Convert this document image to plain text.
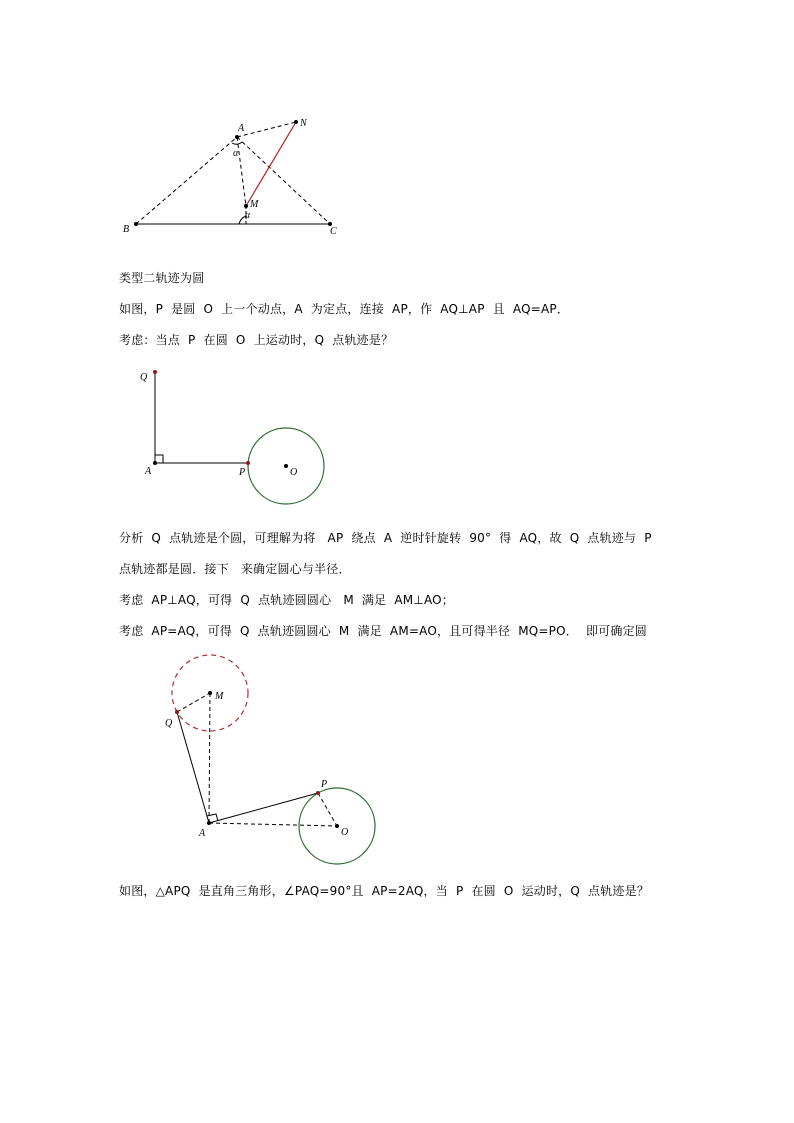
A	N
α
M
α
B	C
类型二轨迹为圆
如图，P  是圆  O  上一个动点，A  为定点，连接  AP，作  AQ⊥AP  且  AQ=AP．
考虑：当点  P  在圆  O  上运动时，Q  点轨迹是？
Q
A	P	O
分析  Q  点轨迹是个圆，可理解为将   AP  绕点  A  逆时针旋转  90°  得  AQ，故  Q  点轨迹与  P
点轨迹都是圆．接下   来确定圆心与半径．
考虑  AP⊥AQ，可得  Q  点轨迹圆圆心   M  满足  AM⊥AO；
考虑  AP=AQ，可得  Q  点轨迹圆圆心  M  满足  AM=AO，且可得半径  MQ=PO．  即可确定圆
M
Q
P
A	O
如图，△APQ  是直角三角形，∠PAQ=90°且  AP=2AQ，当  P  在圆  O  运动时，Q  点轨迹是？
